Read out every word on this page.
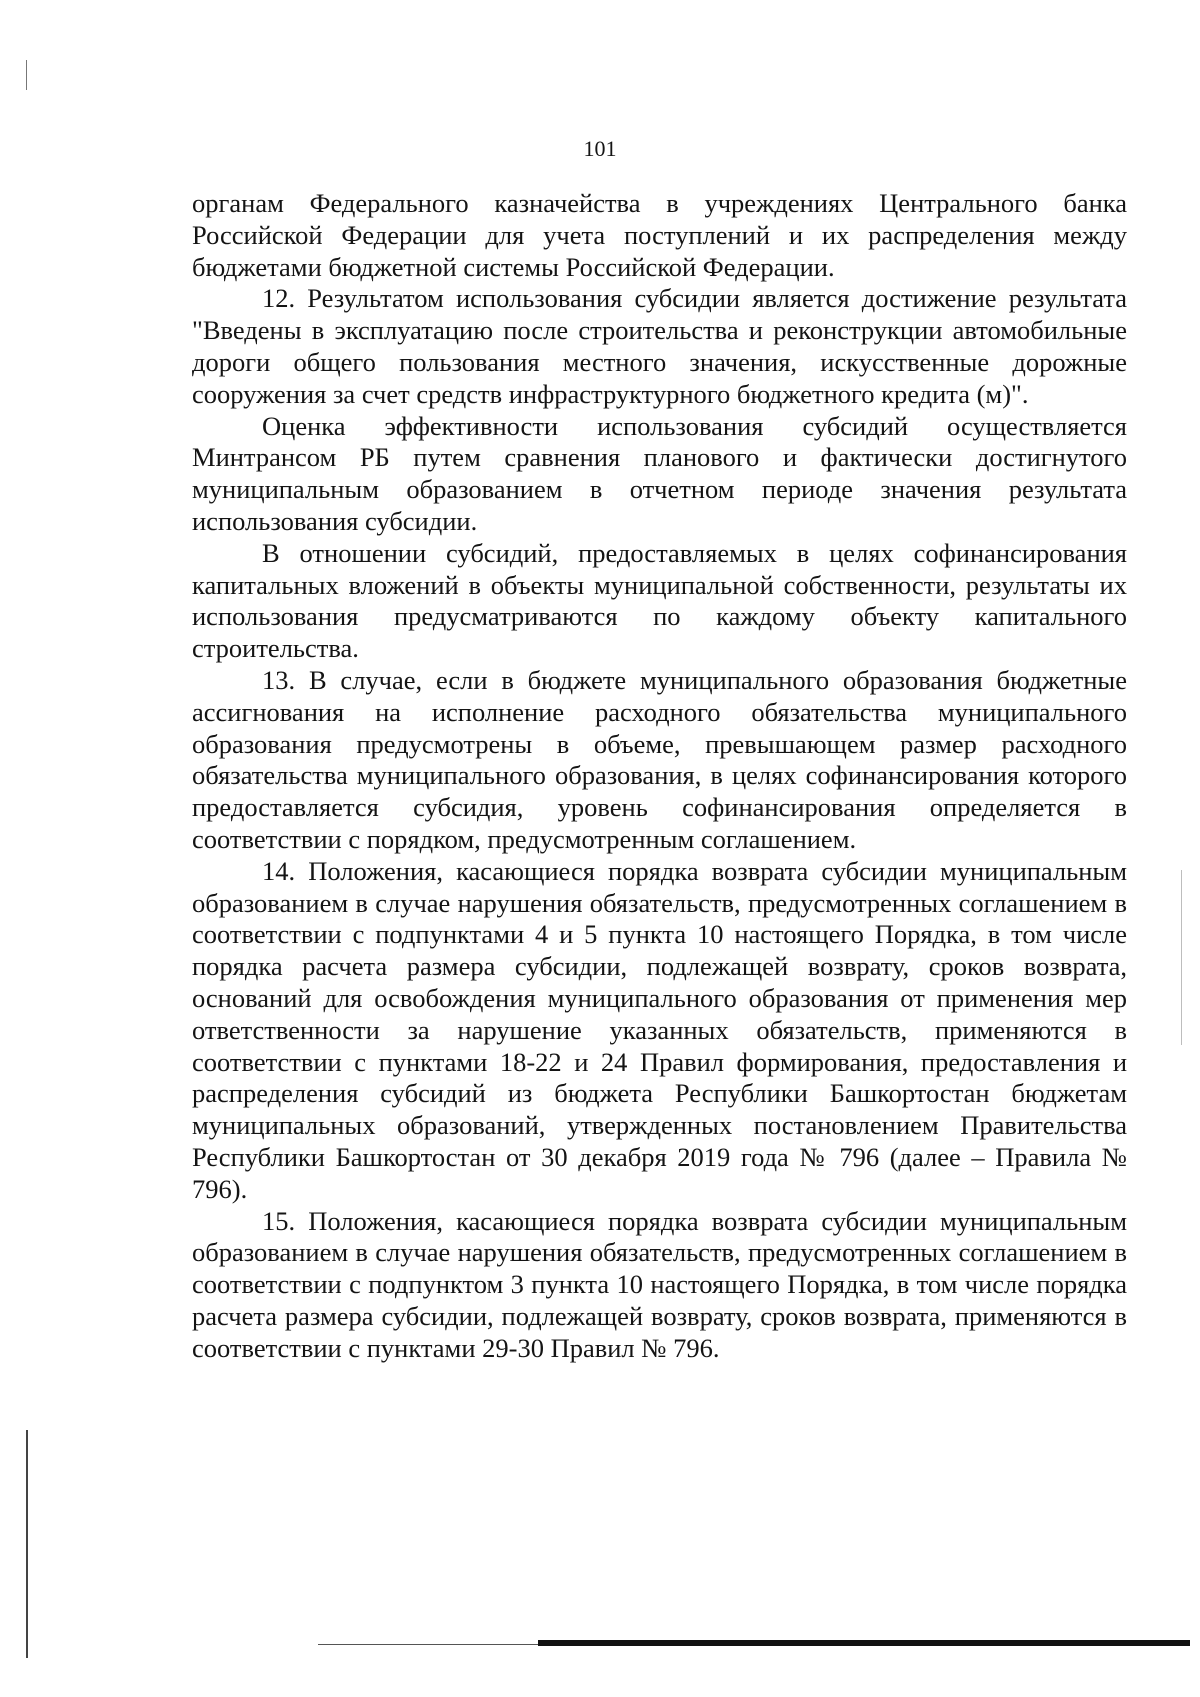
101

органам Федерального казначейства в учреждениях Центрального банка Российской Федерации для учета поступлений и их распределения между бюджетами бюджетной системы Российской Федерации.

12. Результатом использования субсидии является достижение результата "Введены в эксплуатацию после строительства и реконструкции автомобильные дороги общего пользования местного значения, искусственные дорожные сооружения за счет средств инфраструктурного бюджетного кредита (м)".

Оценка эффективности использования субсидий осуществляется Минтрансом РБ путем сравнения планового и фактически достигнутого муниципальным образованием в отчетном периоде значения результата использования субсидии.

В отношении субсидий, предоставляемых в целях софинансирования капитальных вложений в объекты муниципальной собственности, результаты их использования предусматриваются по каждому объекту капитального строительства.

13. В случае, если в бюджете муниципального образования бюджетные ассигнования на исполнение расходного обязательства муниципального образования предусмотрены в объеме, превышающем размер расходного обязательства муниципального образования, в целях софинансирования которого предоставляется субсидия, уровень софинансирования определяется в соответствии с порядком, предусмотренным соглашением.

14. Положения, касающиеся порядка возврата субсидии муниципальным образованием в случае нарушения обязательств, предусмотренных соглашением в соответствии с подпунктами 4 и 5 пункта 10 настоящего Порядка, в том числе порядка расчета размера субсидии, подлежащей возврату, сроков возврата, оснований для освобождения муниципального образования от применения мер ответственности за нарушение указанных обязательств, применяются в соответствии с пунктами 18-22 и 24 Правил формирования, предоставления и распределения субсидий из бюджета Республики Башкортостан бюджетам муниципальных образований, утвержденных постановлением Правительства Республики Башкортостан от 30 декабря 2019 года № 796 (далее – Правила № 796).

15. Положения, касающиеся порядка возврата субсидии муниципальным образованием в случае нарушения обязательств, предусмотренных соглашением в соответствии с подпунктом 3 пункта 10 настоящего Порядка, в том числе порядка расчета размера субсидии, подлежащей возврату, сроков возврата, применяются в соответствии с пунктами 29-30 Правил № 796.
